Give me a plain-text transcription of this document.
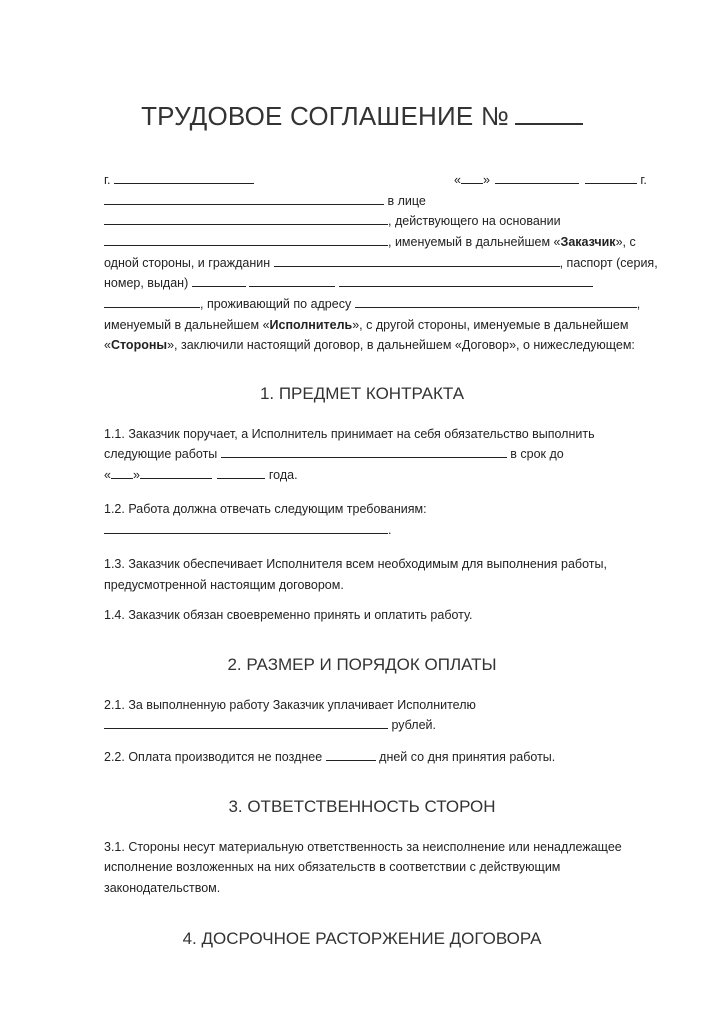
ТРУДОВОЕ СОГЛАШЕНИЕ №
г.	« »	г.
в лице
, действующего на основании
, именуемый в дальнейшем «Заказчик», с
одной стороны, и гражданин	, паспорт (серия,
номер, выдан)
, проживающий по адресу	,
именуемый в дальнейшем «Исполнитель», с другой стороны, именуемые в дальнейшем
«Стороны», заключили настоящий договор, в дальнейшем «Договор», о нижеследующем:
1. ПРЕДМЕТ КОНТРАКТА
1.1. Заказчик поручает, а Исполнитель принимает на себя обязательство выполнить
следующие работы	в срок до
« »	года.
1.2. Работа должна отвечать следующим требованиям:
.
1.3. Заказчик обеспечивает Исполнителя всем необходимым для выполнения работы,
предусмотренной настоящим договором.
1.4. Заказчик обязан своевременно принять и оплатить работу.
2. РАЗМЕР И ПОРЯДОК ОПЛАТЫ
2.1. За выполненную работу Заказчик уплачивает Исполнителю
рублей.
2.2. Оплата производится не позднее	дней со дня принятия работы.
3. ОТВЕТСТВЕННОСТЬ СТОРОН
3.1. Стороны несут материальную ответственность за неисполнение или ненадлежащее
исполнение возложенных на них обязательств в соответствии с действующим
законодательством.
4. ДОСРОЧНОЕ РАСТОРЖЕНИЕ ДОГОВОРА
